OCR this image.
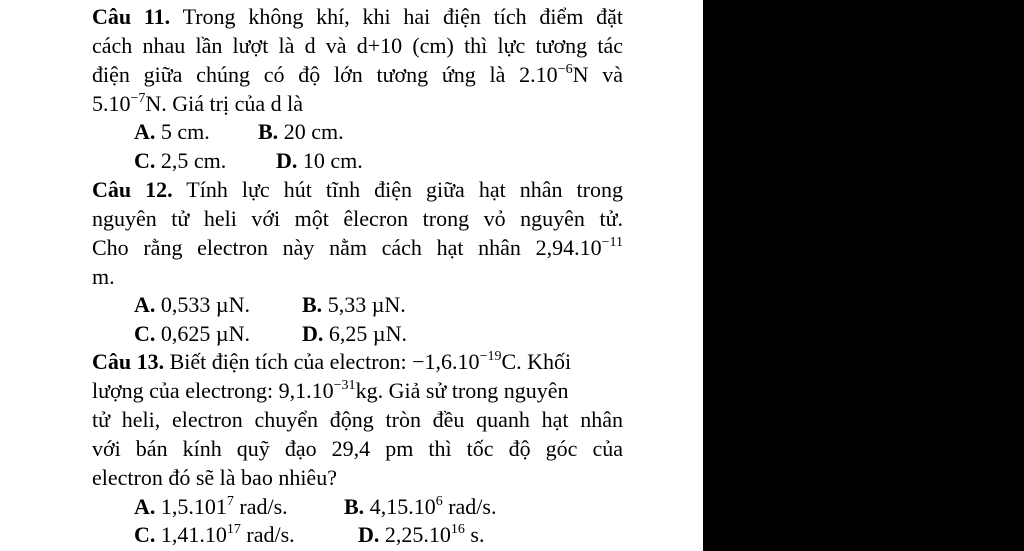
Câu 11. Trong không khí, khi hai điện tích điểm đặt
cách nhau lần lượt là d và d+10 (cm) thì lực tương tác
điện giữa chúng có độ lớn tương ứng là $2.10^{-6}N$ và
$5.10^{-7}N$. Giá trị của d là
A. 5 cm. B. 20 cm.
C. 2,5 cm. D. 10 cm.
Câu 12. Tính lực hút tĩnh điện giữa hạt nhân trong
nguyên tử heli với một êlecron trong vỏ nguyên tử.
Cho rằng electron này nằm cách hạt nhân $2,94.10^{-11}$
m.
A. 0,533 µN. B. 5,33 µN.
C. 0,625 µN. D. 6,25 µN.
Câu 13. Biết điện tích của electron: $-1,6.10^{-19}C$. Khối
lượng của electrong: $9,1.10^{-31}kg$. Giả sử trong nguyên
tử heli, electron chuyển động tròn đều quanh hạt nhân
với bán kính quỹ đạo 29,4 pm thì tốc độ góc của
electron đó sẽ là bao nhiêu?
A. 1,5.101$^7$ rad/s.	B. 4,15.10$^6$ rad/s.
C. 1,41.10$^{17}$ rad/s.	D. 2,25.10$^{16}$ s.
